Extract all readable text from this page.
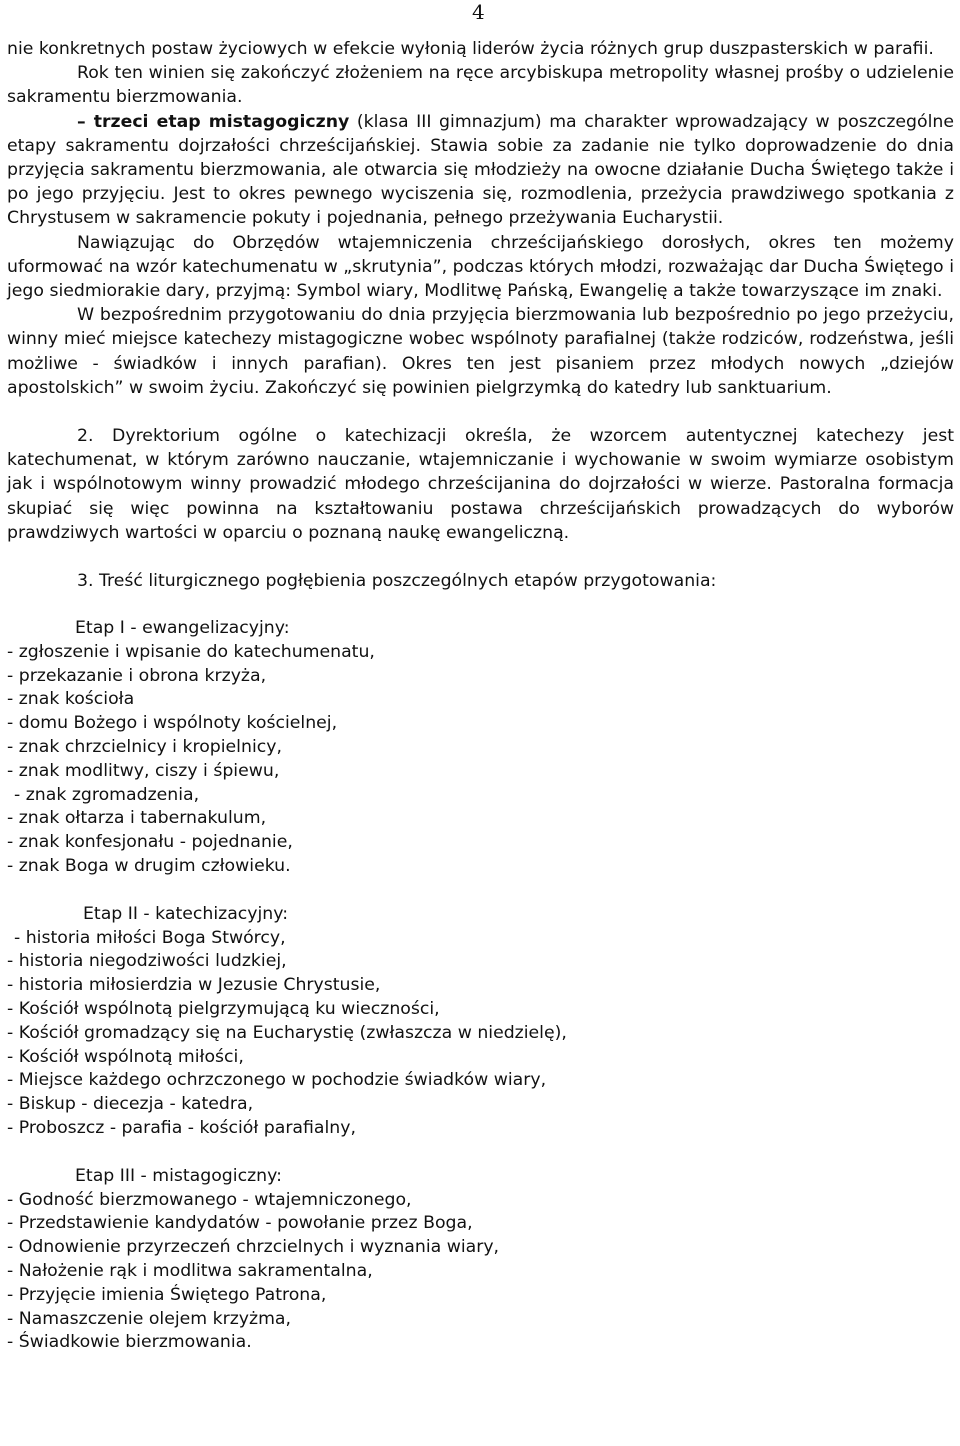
4

nie konkretnych postaw życiowych w efekcie wyłonią liderów życia różnych grup duszpasterskich w parafii.

Rok ten winien się zakończyć złożeniem na ręce arcybiskupa metropolity własnej prośby o udzielenie sakramentu bierzmowania.

– trzeci etap mistagogiczny (klasa III gimnazjum) ma charakter wprowadzający w poszczególne etapy sakramentu dojrzałości chrześcijańskiej. Stawia sobie za zadanie nie tylko doprowadzenie do dnia przyjęcia sakramentu bierzmowania, ale otwarcia się młodzieży na owocne działanie Ducha Świętego także i po jego przyjęciu. Jest to okres pewnego wyciszenia się, rozmodlenia, przeżycia prawdziwego spotkania z Chrystusem w sakramencie pokuty i pojednania, pełnego przeżywania Eucharystii.

Nawiązując do Obrzędów wtajemniczenia chrześcijańskiego dorosłych, okres ten możemy uformować na wzór katechumenatu w „skrutynia”, podczas których młodzi, rozważając dar Ducha Świętego i jego siedmiorakie dary, przyjmą: Symbol wiary, Modlitwę Pańską, Ewangelię a także towarzyszące im znaki.

W bezpośrednim przygotowaniu do dnia przyjęcia bierzmowania lub bezpośrednio po jego przeżyciu, winny mieć miejsce katechezy mistagogiczne wobec wspólnoty parafialnej (także rodziców, rodzeństwa, jeśli możliwe - świadków i innych parafian). Okres ten jest pisaniem przez młodych nowych „dziejów apostolskich” w swoim życiu. Zakończyć się powinien pielgrzymką do katedry lub sanktuarium.

2. Dyrektorium ogólne o katechizacji określa, że wzorcem autentycznej katechezy jest katechumenat, w którym zarówno nauczanie, wtajemniczanie i wychowanie w swoim wymiarze osobistym jak i wspólnotowym winny prowadzić młodego chrześcijanina do dojrzałości w wierze. Pastoralna formacja skupiać się więc powinna na kształtowaniu postawa chrześcijańskich prowadzących do wyborów prawdziwych wartości w oparciu o poznaną naukę ewangeliczną.

3. Treść liturgicznego pogłębienia poszczególnych etapów przygotowania:
Etap I - ewangelizacyjny:
- zgłoszenie i wpisanie do katechumenatu,
- przekazanie i obrona krzyża,
- znak kościoła
- domu Bożego i wspólnoty kościelnej,
- znak chrzcielnicy i kropielnicy,
- znak modlitwy, ciszy i śpiewu,
- znak zgromadzenia,
- znak ołtarza i tabernakulum,
- znak konfesjonału - pojednanie,
- znak Boga w drugim człowieku.
Etap II - katechizacyjny:
- historia miłości Boga Stwórcy,
- historia niegodziwości ludzkiej,
- historia miłosierdzia w Jezusie Chrystusie,
- Kościół wspólnotą pielgrzymującą ku wieczności,
- Kościół gromadzący się na Eucharystię (zwłaszcza w niedzielę),
- Kościół wspólnotą miłości,
- Miejsce każdego ochrzczonego w pochodzie świadków wiary,
- Biskup - diecezja - katedra,
- Proboszcz - parafia - kościół parafialny,
Etap III - mistagogiczny:
- Godność bierzmowanego - wtajemniczonego,
- Przedstawienie kandydatów - powołanie przez Boga,
- Odnowienie przyrzeczeń chrzcielnych i wyznania wiary,
- Nałożenie rąk i modlitwa sakramentalna,
- Przyjęcie imienia Świętego Patrona,
- Namaszczenie olejem krzyżma,
- Świadkowie bierzmowania.
